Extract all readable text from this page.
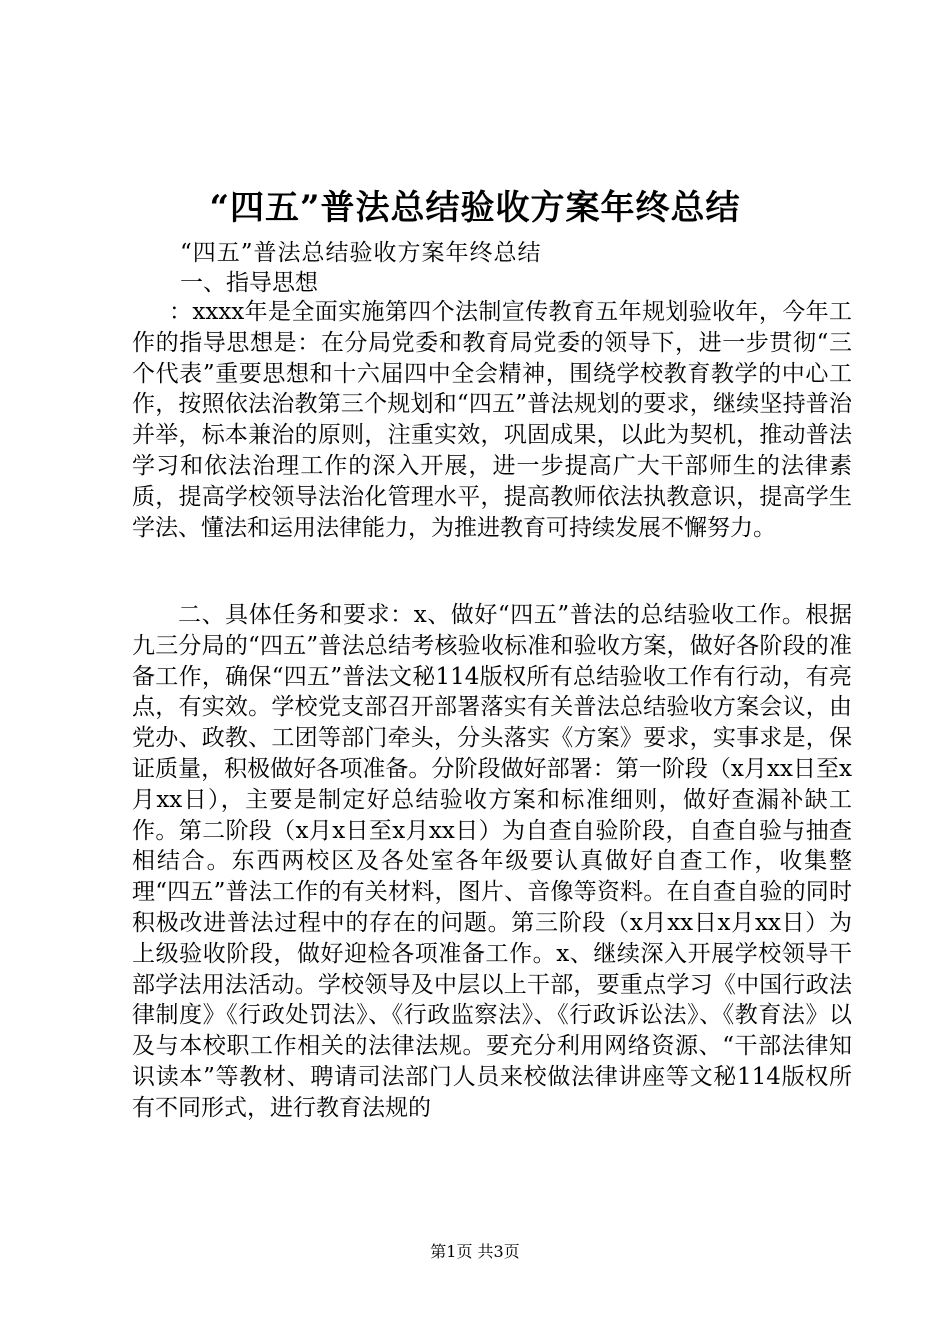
“四五”普法总结验收方案年终总结

“四五”普法总结验收方案年终总结

一、指导思想

：xxxx年是全面实施第四个法制宣传教育五年规划验收年，今年工作的指导思想是：在分局党委和教育局党委的领导下，进一步贯彻“三个代表”重要思想和十六届四中全会精神，围绕学校教育教学的中心工作，按照依法治教第三个规划和“四五”普法规划的要求，继续坚持普治并举，标本兼治的原则，注重实效，巩固成果，以此为契机，推动普法学习和依法治理工作的深入开展，进一步提高广大干部师生的法律素质，提高学校领导法治化管理水平，提高教师依法执教意识，提高学生学法、懂法和运用法律能力，为推进教育可持续发展不懈努力。

二、具体任务和要求：x、做好“四五”普法的总结验收工作。根据九三分局的“四五”普法总结考核验收标准和验收方案，做好各阶段的准备工作，确保“四五”普法文秘114版权所有总结验收工作有行动，有亮点，有实效。学校党支部召开部署落实有关普法总结验收方案会议，由党办、政教、工团等部门牵头，分头落实《方案》要求，实事求是，保证质量，积极做好各项准备。分阶段做好部署：第一阶段（x月xx日至x月xx日），主要是制定好总结验收方案和标准细则，做好查漏补缺工作。第二阶段（x月x日至x月xx日）为自查自验阶段，自查自验与抽查相结合。东西两校区及各处室各年级要认真做好自查工作，收集整理“四五”普法工作的有关材料，图片、音像等资料。在自查自验的同时积极改进普法过程中的存在的问题。第三阶段（x月xx日x月xx日）为上级验收阶段，做好迎检各项准备工作。x、继续深入开展学校领导干部学法用法活动。学校领导及中层以上干部，要重点学习《中国行政法律制度》《行政处罚法》、《行政监察法》、《行政诉讼法》、《教育法》以及与本校职工作相关的法律法规。要充分利用网络资源、“干部法律知识读本”等教材、聘请司法部门人员来校做法律讲座等文秘114版权所有不同形式，进行教育法规的

第1页 共3页
